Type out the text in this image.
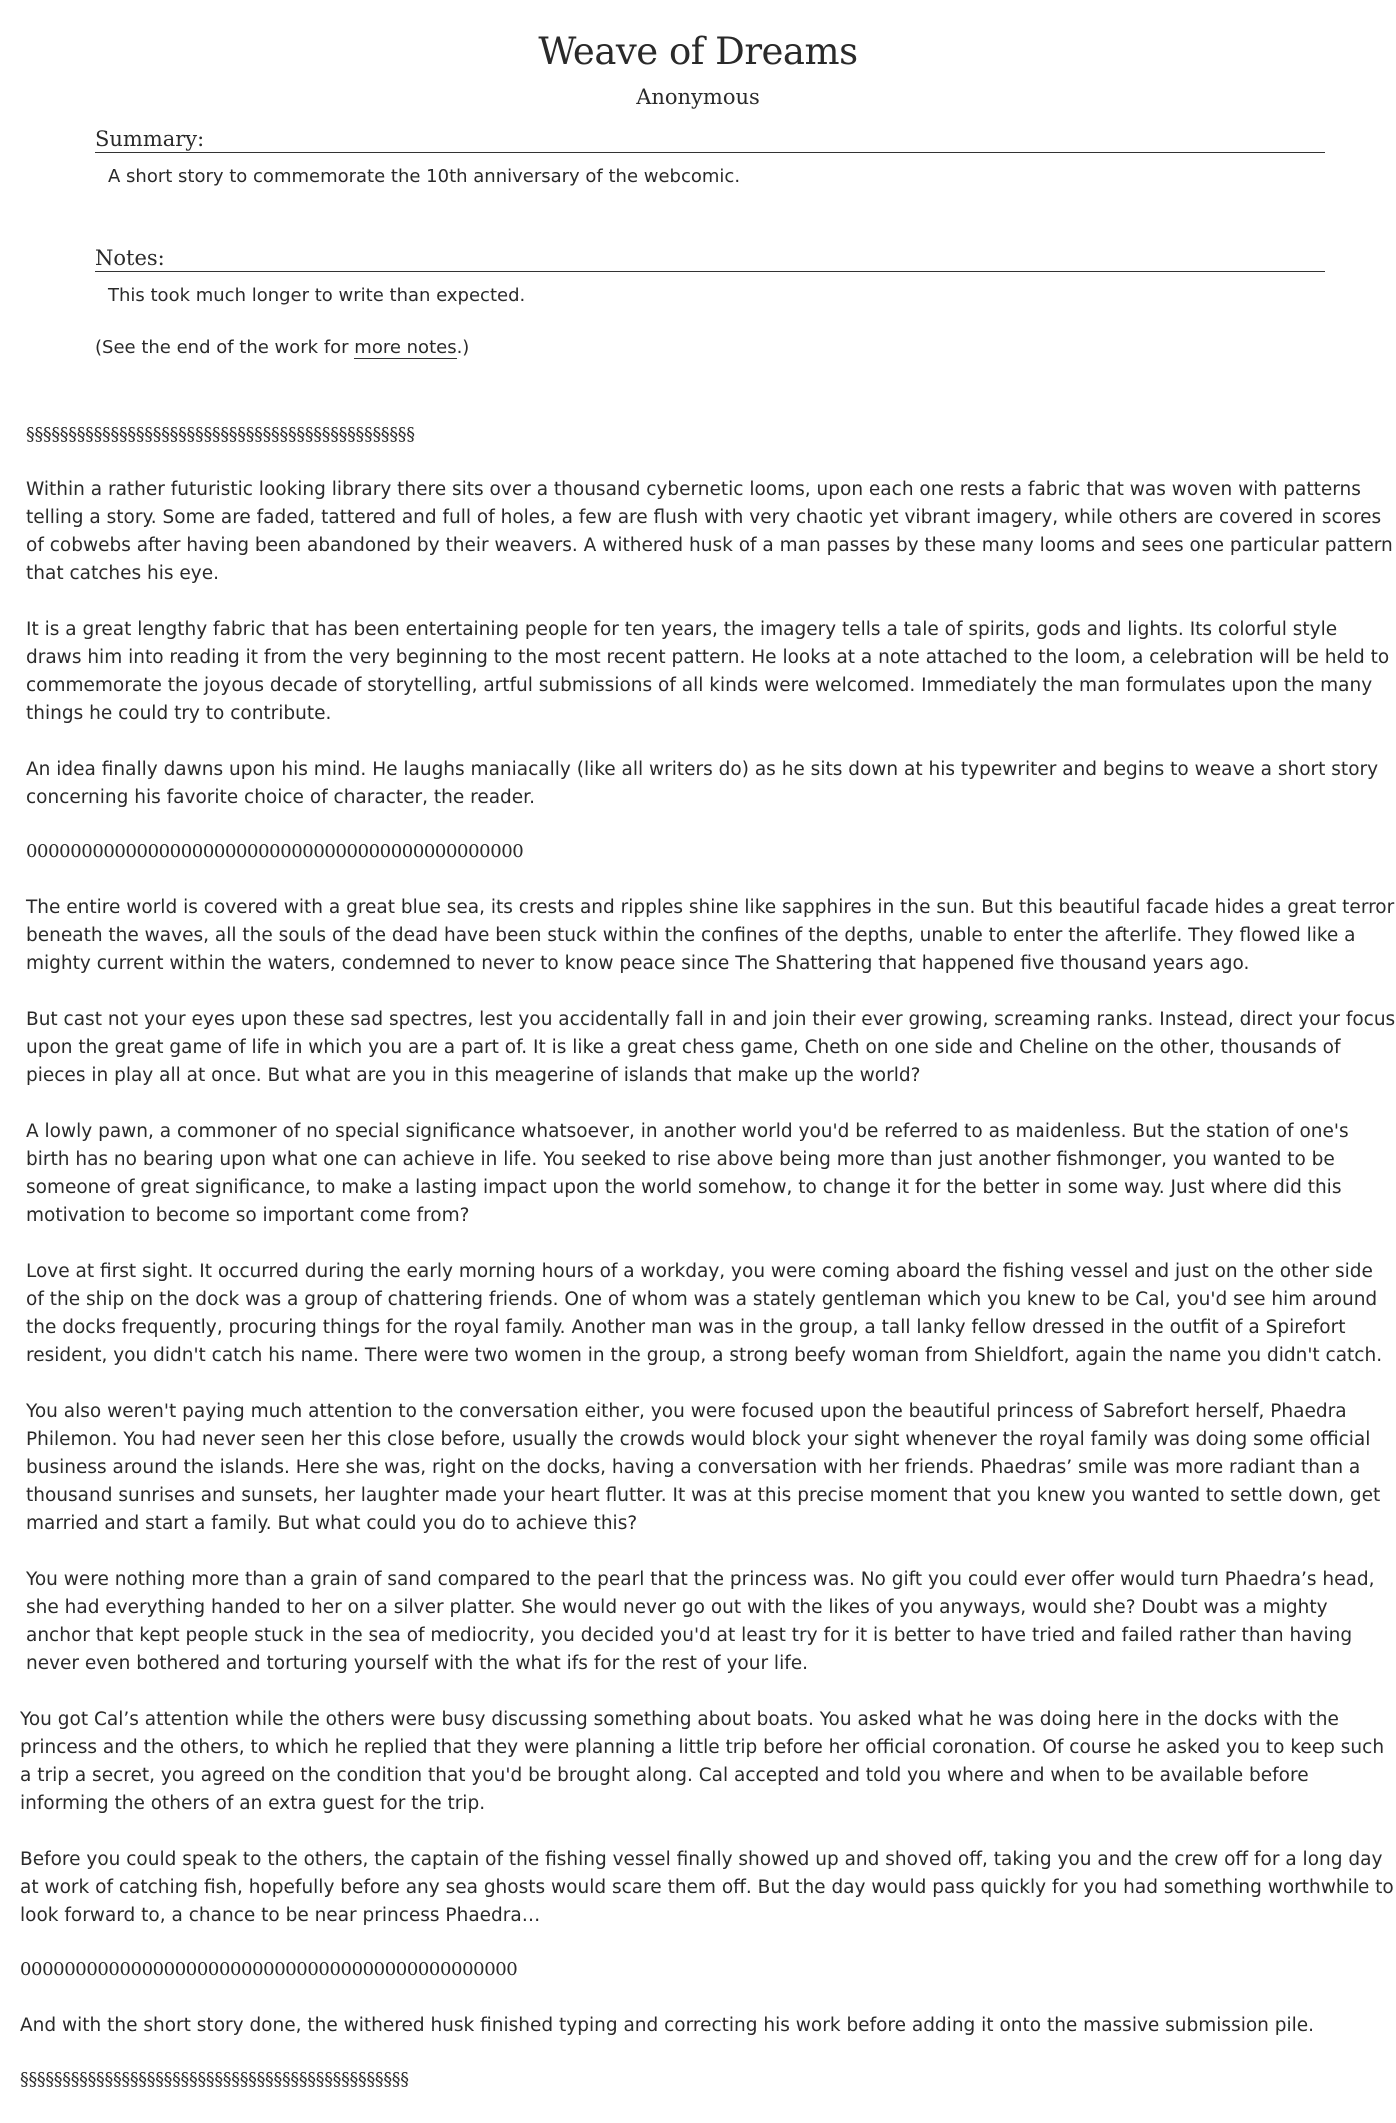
Weave of Dreams
Anonymous
Summary:
A short story to commemorate the 10th anniversary of the webcomic.
Notes:
This took much longer to write than expected.
(See the end of the work for more notes.)

§§§§§§§§§§§§§§§§§§§§§§§§§§§§§§§§§§§§§§§§§§§§§§

Within a rather futuristic looking library there sits over a thousand cybernetic looms, upon each one rests a fabric that was woven with patterns telling a story. Some are faded, tattered and full of holes, a few are flush with very chaotic yet vibrant imagery, while others are covered in scores of cobwebs after having been abandoned by their weavers. A withered husk of a man passes by these many looms and sees one particular pattern that catches his eye.

It is a great lengthy fabric that has been entertaining people for ten years, the imagery tells a tale of spirits, gods and lights. Its colorful style draws him into reading it from the very beginning to the most recent pattern. He looks at a note attached to the loom, a celebration will be held to commemorate the joyous decade of storytelling, artful submissions of all kinds were welcomed. Immediately the man formulates upon the many things he could try to contribute.

An idea finally dawns upon his mind. He laughs maniacally (like all writers do) as he sits down at his typewriter and begins to weave a short story concerning his favorite choice of character, the reader.

000000000000000000000000000000000000000000000

The entire world is covered with a great blue sea, its crests and ripples shine like sapphires in the sun. But this beautiful facade hides a great terror beneath the waves, all the souls of the dead have been stuck within the confines of the depths, unable to enter the afterlife. They flowed like a mighty current within the waters, condemned to never to know peace since The Shattering that happened five thousand years ago.

But cast not your eyes upon these sad spectres, lest you accidentally fall in and join their ever growing, screaming ranks. Instead, direct your focus upon the great game of life in which you are a part of. It is like a great chess game, Cheth on one side and Cheline on the other, thousands of pieces in play all at once. But what are you in this meagerine of islands that make up the world?

A lowly pawn, a commoner of no special significance whatsoever, in another world you'd be referred to as maidenless. But the station of one's birth has no bearing upon what one can achieve in life. You seeked to rise above being more than just another fishmonger, you wanted to be someone of great significance, to make a lasting impact upon the world somehow, to change it for the better in some way. Just where did this motivation to become so important come from?

Love at first sight. It occurred during the early morning hours of a workday, you were coming aboard the fishing vessel and just on the other side of the ship on the dock was a group of chattering friends. One of whom was a stately gentleman which you knew to be Cal, you'd see him around the docks frequently, procuring things for the royal family. Another man was in the group, a tall lanky fellow dressed in the outfit of a Spirefort resident, you didn't catch his name. There were two women in the group, a strong beefy woman from Shieldfort, again the name you didn't catch.

You also weren't paying much attention to the conversation either, you were focused upon the beautiful princess of Sabrefort herself, Phaedra Philemon. You had never seen her this close before, usually the crowds would block your sight whenever the royal family was doing some official business around the islands. Here she was, right on the docks, having a conversation with her friends. Phaedras’ smile was more radiant than a thousand sunrises and sunsets, her laughter made your heart flutter. It was at this precise moment that you knew you wanted to settle down, get married and start a family. But what could you do to achieve this?

You were nothing more than a grain of sand compared to the pearl that the princess was. No gift you could ever offer would turn Phaedra’s head, she had everything handed to her on a silver platter. She would never go out with the likes of you anyways, would she? Doubt was a mighty anchor that kept people stuck in the sea of mediocrity, you decided you'd at least try for it is better to have tried and failed rather than having never even bothered and torturing yourself with the what ifs for the rest of your life.

You got Cal’s attention while the others were busy discussing something about boats. You asked what he was doing here in the docks with the princess and the others, to which he replied that they were planning a little trip before her official coronation. Of course he asked you to keep such a trip a secret, you agreed on the condition that you'd be brought along. Cal accepted and told you where and when to be available before informing the others of an extra guest for the trip.

Before you could speak to the others, the captain of the fishing vessel finally showed up and shoved off, taking you and the crew off for a long day at work of catching fish, hopefully before any sea ghosts would scare them off. But the day would pass quickly for you had something worthwhile to look forward to, a chance to be near princess Phaedra…

000000000000000000000000000000000000000000000

And with the short story done, the withered husk finished typing and correcting his work before adding it onto the massive submission pile.

§§§§§§§§§§§§§§§§§§§§§§§§§§§§§§§§§§§§§§§§§§§§§§
